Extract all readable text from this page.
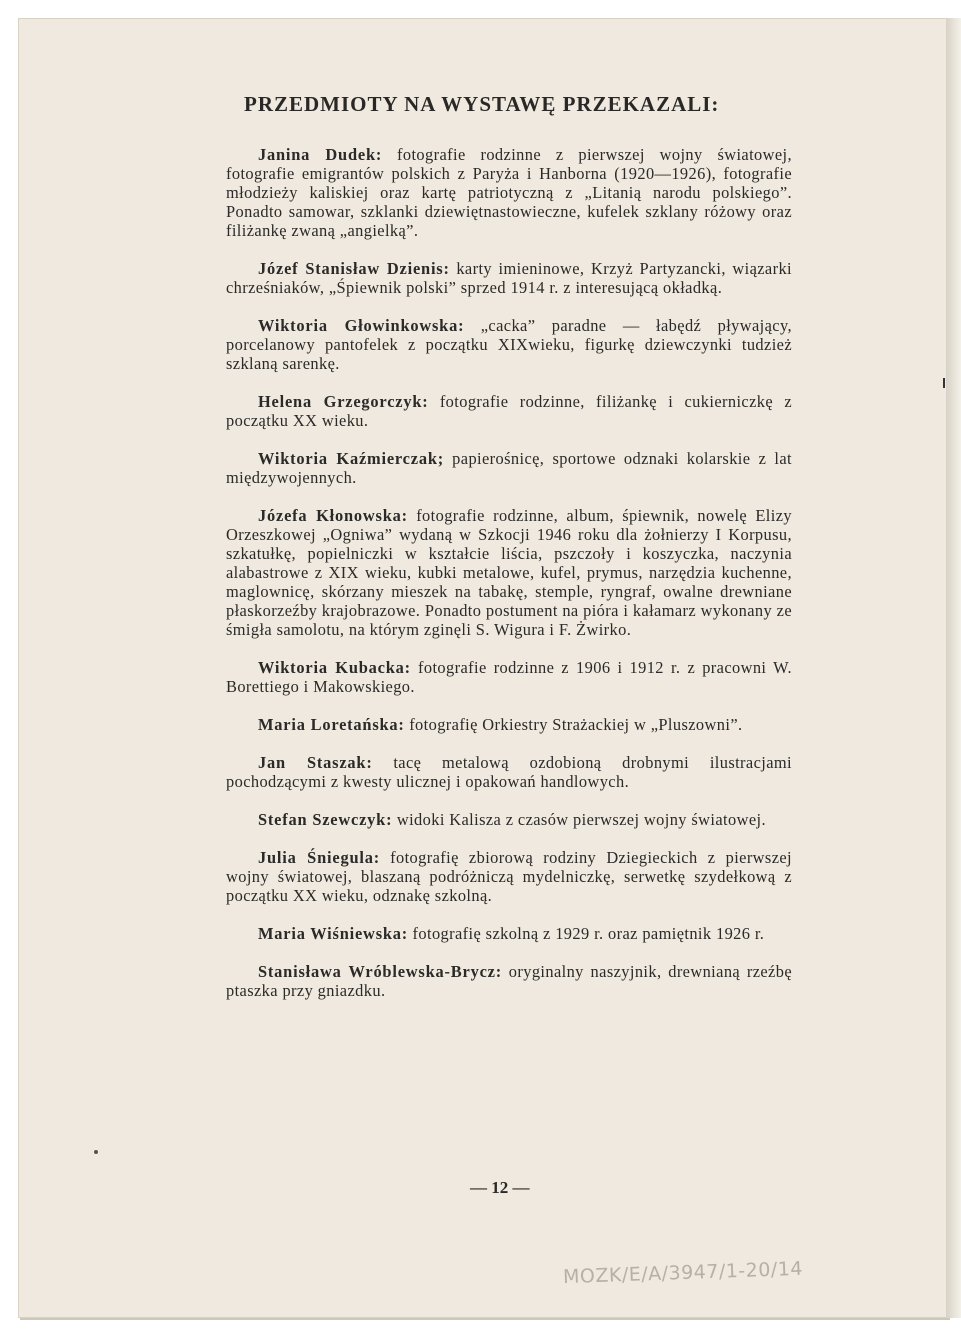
PRZEDMIOTY NA WYSTAWĘ PRZEKAZALI:

Janina Dudek: fotografie rodzinne z pierwszej wojny światowej, fotografie emigrantów polskich z Paryża i Hanborna (1920—1926), fotografie młodzieży kaliskiej oraz kartę patriotyczną z „Litanią narodu polskiego”. Ponadto samowar, szklanki dziewiętnastowieczne, kufelek szklany różowy oraz filiżankę zwaną „angielką”.

Józef Stanisław Dzienis: karty imieninowe, Krzyż Partyzancki, wiązarki chrześniaków, „Śpiewnik polski” sprzed 1914 r. z interesującą okładką.

Wiktoria Głowinkowska: „cacka” paradne — łabędź pływający, porcelanowy pantofelek z początku XIXwieku, figurkę dziewczynki tudzież szklaną sarenkę.

Helena Grzegorczyk: fotografie rodzinne, filiżankę i cukierniczkę z początku XX wieku.

Wiktoria Kaźmierczak; papierośnicę, sportowe odznaki kolarskie z lat międzywojennych.

Józefa Kłonowska: fotografie rodzinne, album, śpiewnik, nowelę Elizy Orzeszkowej „Ogniwa” wydaną w Szkocji 1946 roku dla żołnierzy I Korpusu, szkatułkę, popielniczki w kształcie liścia, pszczoły i koszyczka, naczynia alabastrowe z XIX wieku, kubki metalowe, kufel, prymus, narzędzia kuchenne, maglownicę, skórzany mieszek na tabakę, stemple, ryngraf, owalne drewniane płaskorzeźby krajobrazowe. Ponadto postument na pióra i kałamarz wykonany ze śmigła samolotu, na którym zginęli S. Wigura i F. Żwirko.

Wiktoria Kubacka: fotografie rodzinne z 1906 i 1912 r. z pracowni W. Borettiego i Makowskiego.

Maria Loretańska: fotografię Orkiestry Strażackiej w „Pluszowni”.

Jan Staszak: tacę metalową ozdobioną drobnymi ilustracjami pochodzącymi z kwesty ulicznej i opakowań handlowych.

Stefan Szewczyk: widoki Kalisza z czasów pierwszej wojny światowej.

Julia Śniegula: fotografię zbiorową rodziny Dziegieckich z pierwszej wojny światowej, blaszaną podróżniczą mydelniczkę, serwetkę szydełkową z początku XX wieku, odznakę szkolną.

Maria Wiśniewska: fotografię szkolną z 1929 r. oraz pamiętnik 1926 r.

Stanisława Wróblewska-Brycz: oryginalny naszyjnik, drewnianą rzeźbę ptaszka przy gniazdku.

— 12 —
MOZK/E/A/3947/1-20/14
